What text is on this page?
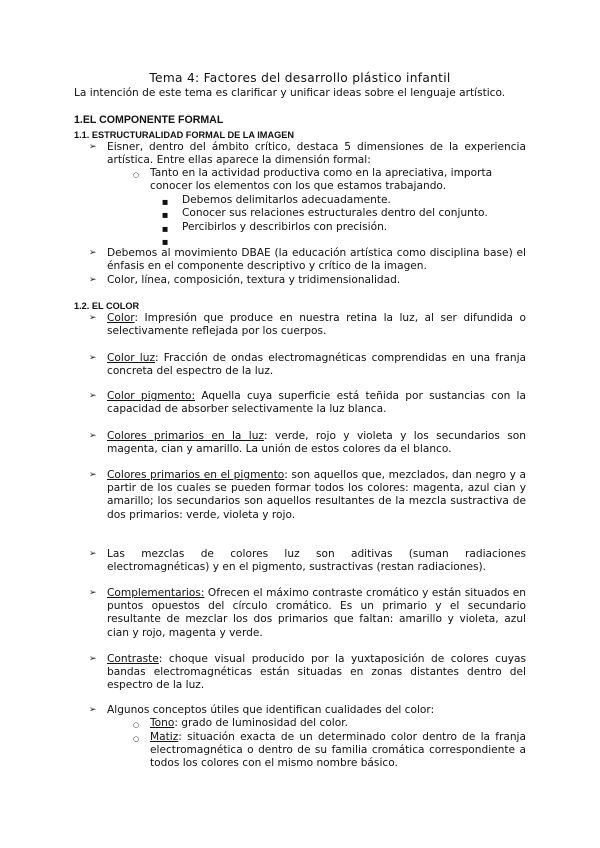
Tema 4: Factores del desarrollo plástico infantil
La intención de este tema es clarificar y unificar ideas sobre el lenguaje artístico.
1.EL COMPONENTE FORMAL
1.1. ESTRUCTURALIDAD FORMAL DE LA IMAGEN
➢ Eisner, dentro del ámbito crítico, destaca 5 dimensiones de la experiencia artística. Entre ellas aparece la dimensión formal:
○ Tanto en la actividad productiva como en la apreciativa, importa conocer los elementos con los que estamos trabajando.
■ Debemos delimitarlos adecuadamente.
■ Conocer sus relaciones estructurales dentro del conjunto.
■ Percibirlos y describirlos con precisión.
■
➢ Debemos al movimiento DBAE (la educación artística como disciplina base) el énfasis en el componente descriptivo y crítico de la imagen.
➢ Color, línea, composición, textura y tridimensionalidad.
1.2. EL COLOR
➢ Color: Impresión que produce en nuestra retina la luz, al ser difundida o selectivamente reflejada por los cuerpos.
➢ Color luz: Fracción de ondas electromagnéticas comprendidas en una franja concreta del espectro de la luz.
➢ Color pigmento: Aquella cuya superficie está teñida por sustancias con la capacidad de absorber selectivamente la luz blanca.
➢ Colores primarios en la luz: verde, rojo y violeta y los secundarios son magenta, cian y amarillo. La unión de estos colores da el blanco.
➢ Colores primarios en el pigmento: son aquellos que, mezclados, dan negro y a partir de los cuales se pueden formar todos los colores: magenta, azul cian y amarillo; los secundarios son aquellos resultantes de la mezcla sustractiva de dos primarios: verde, violeta y rojo.
➢ Las mezclas de colores luz son aditivas (suman radiaciones electromagnéticas) y en el pigmento, sustractivas (restan radiaciones).
➢ Complementarios: Ofrecen el máximo contraste cromático y están situados en puntos opuestos del círculo cromático. Es un primario y el secundario resultante de mezclar los dos primarios que faltan: amarillo y violeta, azul cian y rojo, magenta y verde.
➢ Contraste: choque visual producido por la yuxtaposición de colores cuyas bandas electromagnéticas están situadas en zonas distantes dentro del espectro de la luz.
➢ Algunos conceptos útiles que identifican cualidades del color:
○ Tono: grado de luminosidad del color.
○ Matiz: situación exacta de un determinado color dentro de la franja electromagnética o dentro de su familia cromática correspondiente a todos los colores con el mismo nombre básico.
